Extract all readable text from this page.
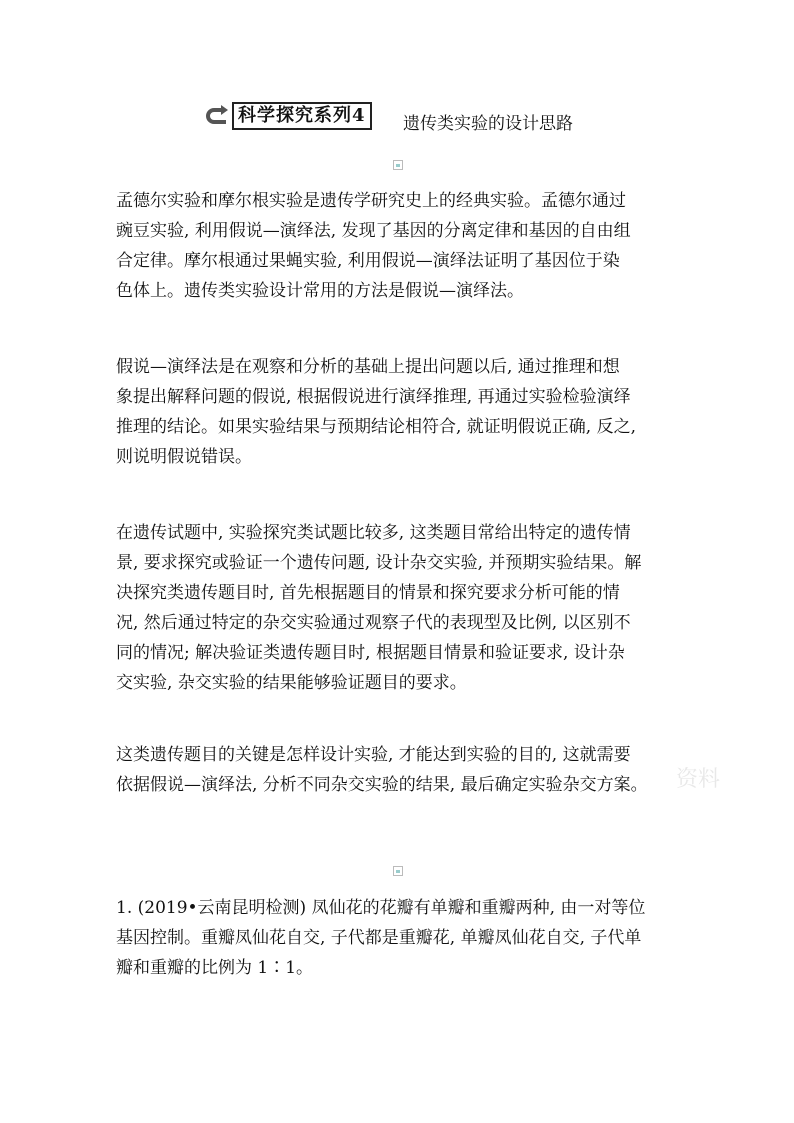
科学探究系列4	遗传类实验的设计思路
孟德尔实验和摩尔根实验是遗传学研究史上的经典实验。孟德尔通过
豌豆实验, 利用假说—演绎法, 发现了基因的分离定律和基因的自由组
合定律。摩尔根通过果蝇实验, 利用假说—演绎法证明了基因位于染
色体上。遗传类实验设计常用的方法是假说—演绎法。
假说—演绎法是在观察和分析的基础上提出问题以后, 通过推理和想
象提出解释问题的假说, 根据假说进行演绎推理, 再通过实验检验演绎
推理的结论。如果实验结果与预期结论相符合, 就证明假说正确, 反之,
则说明假说错误。
在遗传试题中, 实验探究类试题比较多, 这类题目常给出特定的遗传情
景, 要求探究或验证一个遗传问题, 设计杂交实验, 并预期实验结果。解
决探究类遗传题目时, 首先根据题目的情景和探究要求分析可能的情
况, 然后通过特定的杂交实验通过观察子代的表现型及比例, 以区别不
同的情况; 解决验证类遗传题目时, 根据题目情景和验证要求, 设计杂
交实验, 杂交实验的结果能够验证题目的要求。
这类遗传题目的关键是怎样设计实验, 才能达到实验的目的, 这就需要
依据假说—演绎法, 分析不同杂交实验的结果, 最后确定实验杂交方案。	资料
1. (2019•云南昆明检测) 凤仙花的花瓣有单瓣和重瓣两种, 由一对等位
基因控制。重瓣凤仙花自交, 子代都是重瓣花, 单瓣凤仙花自交, 子代单
瓣和重瓣的比例为 1∶1。
